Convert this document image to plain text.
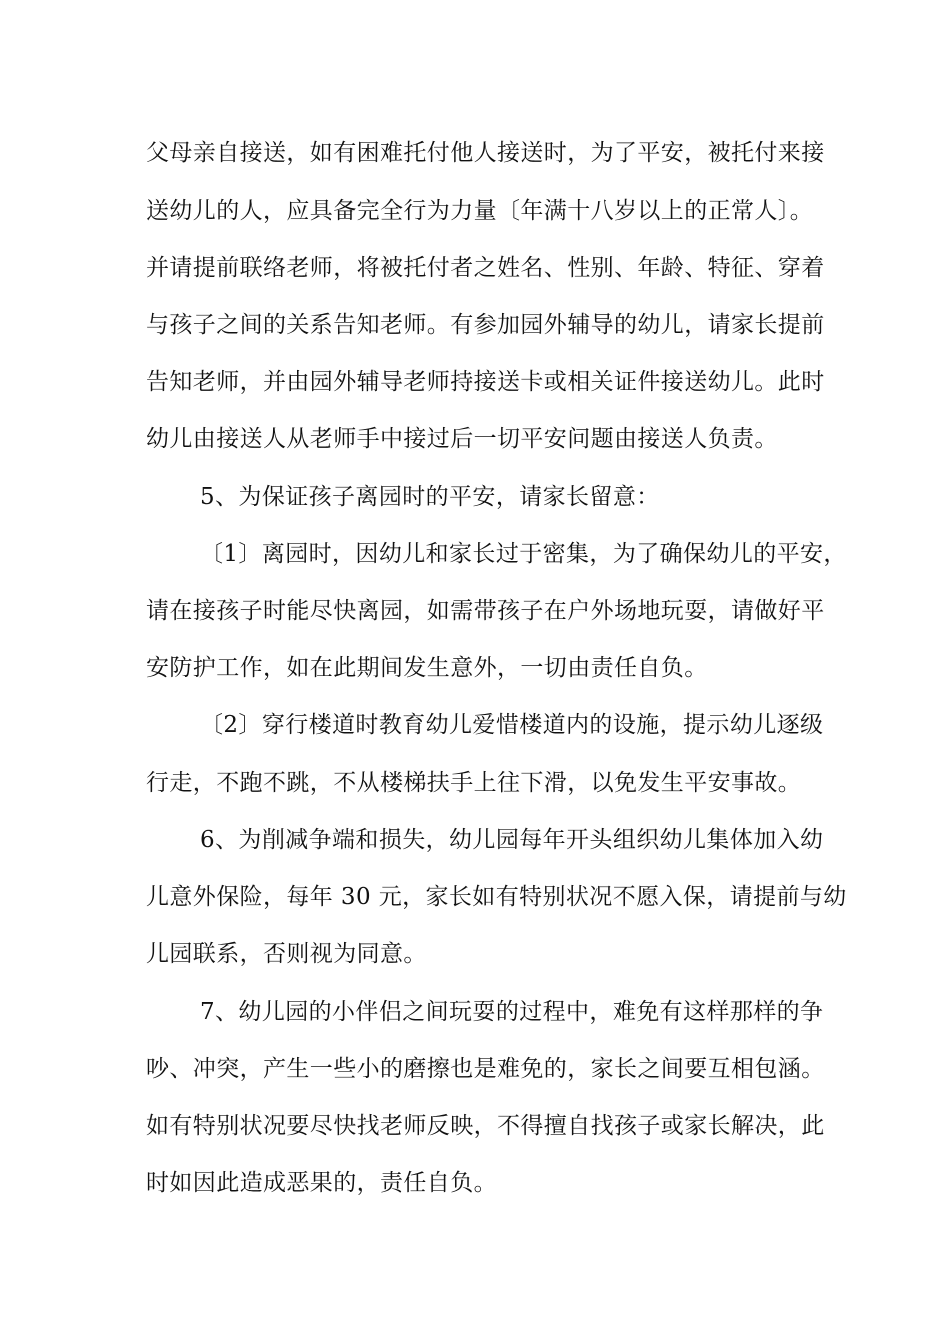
父母亲自接送，如有困难托付他人接送时，为了平安，被托付来接
送幼儿的人，应具备完全行为力量〔年满十八岁以上的正常人〕。
并请提前联络老师，将被托付者之姓名、性别、年龄、特征、穿着
与孩子之间的关系告知老师。有参加园外辅导的幼儿，请家长提前
告知老师，并由园外辅导老师持接送卡或相关证件接送幼儿。此时
幼儿由接送人从老师手中接过后一切平安问题由接送人负责。
5、为保证孩子离园时的平安，请家长留意：
〔1〕离园时，因幼儿和家长过于密集，为了确保幼儿的平安，
请在接孩子时能尽快离园，如需带孩子在户外场地玩耍，请做好平
安防护工作，如在此期间发生意外，一切由责任自负。
〔2〕穿行楼道时教育幼儿爱惜楼道内的设施，提示幼儿逐级
行走，不跑不跳，不从楼梯扶手上往下滑，以免发生平安事故。
6、为削减争端和损失，幼儿园每年开头组织幼儿集体加入幼
儿意外保险，每年 30 元，家长如有特别状况不愿入保，请提前与幼
儿园联系，否则视为同意。
7、幼儿园的小伴侣之间玩耍的过程中，难免有这样那样的争
吵、冲突，产生一些小的磨擦也是难免的，家长之间要互相包涵。
如有特别状况要尽快找老师反映，不得擅自找孩子或家长解决，此
时如因此造成恶果的，责任自负。
